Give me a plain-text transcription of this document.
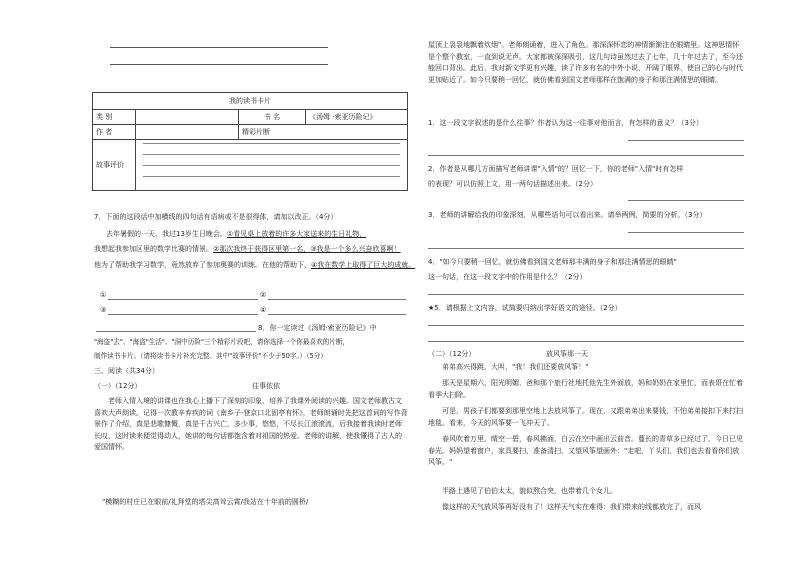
我的读书卡片			
类 别		书 名	《汤姆 ·索亚历险记》
作 者		精彩片断	
故事评价			
7．下面的这段话中加横线的四句话有语病或不是很得体，请加以改正。（4分）
去年暑假的一天，我过13岁生日晚会。①看见桌上放着的许多大家送来的生日礼物，
我想起我参加区里的数学比赛的情景。②那次我终于获得区里第一名，③我是一个多么兴奋欣喜啊！
他为了帮助我学习数学，竟然放弃了参加奥赛的训练。在他的帮助下，④我在数学上取得了巨大的成就。
①	②
③	④
8．你一定读过《汤姆·索亚历险记》中
"海盗"去"、"海盗"生活"、"洞中历险"三个精彩片段吧，请你选择一个你最喜欢的片断，
制作读书卡片。（请将读书卡片补充完整。其中"故事评价"不少于50字。）（5分）
三、阅读（共34分）
（一）（12分）	往事依依
老师入情入境的讲课也在我心上播下了深刻的印象，培养了我课外阅读的兴趣。国文老师教古文喜欢大声朗读。记得一次教辛弃疾的词《南乡子·登京口北固亭有怀》，老师朗诵时先把这首词的写作背景作了介绍，真是悲歌慷慨，真是千古兴亡，多少事，悠悠，不尽长江滚滚流，后我接着我读时老师长叹，这时读来便觉得动人，她讲的每句话都饱含着对祖国的热爱。老师的讲解，使我懂得了古人的爱国情怀。
"模糊的村庄已在眼前/礼拜堂的塔尖高耸云霄/我站在十年前的圆桥/
屋顶上袅袅地飘着炊烟"。老师朗诵着，进入了角色。那深深怀恋的神情渐渐注在眼睛里。这神思情怀是个整个教室，一直到说无声。大家都被深深吸引，这几句诗虽然过去了七年，几十年过去了，至今还能回口背出。此后，我对新文学更有兴趣，读了许多有名的中外小说，开阔了眼界，使自己的心与时代更加贴近了。如今只要稍一回忆，就仿佛看到国文老师那样在饱满的身子和那注满情思的眼睛。
1．这一段文字叙述的是什么往事？作者认为这一往事对他而言，有怎样的意义？（3分）
2．作者是从哪几方面描写老师讲课"入情"的？回忆一下，你的老师"入情"时有怎样
的表现？可以仿照上文，用一两句话描述出来。（2分）
3．老师的讲解给我的印象深刻，从哪些语句可以看出来。请举两例，简要的分析。（3分）
4．"如今只要稍一回忆，就仿佛看到国文老师那丰满的身子和那注满情思的眼睛"
这一句话，在这一段文字中的作用是什么？（2分）
★5．请根据上文内容，试简要归纳出学好语文的途径。（2分）
（二）（12分）	放风筝那一天
弟弟高兴得跳，大叫，"我！我们还要放风筝！"
那天是星期六，阳光明媚，爸和那个旅行社地托他先生外面放，妈和奶奶在家里忙，而表哥在忙着看季大扫除。
可是，男孩子们都要到那里空地上去放风筝了。现在，又跟弟弟出来要钱，不怕弟弟接扣下来打扫地毯。看来，今天的风筝要一飞冲天了。
春风吹着万里，晴空一碧，春风拂面，白云在空中画出云前音。蔓长的青草多已经过了，今日已见春光。妈妈望着窗户，家具要扫，准备清扫，又望风筝望画外："走吧，丫头们，我们也去看看你们放风筝。"
半路上遇见了伯伯太太，貌似熬合突，也带着几个女儿。
像这样的天气放风筝再好没有了！这样天气实在难得：我们带来的线都放完了，而风
